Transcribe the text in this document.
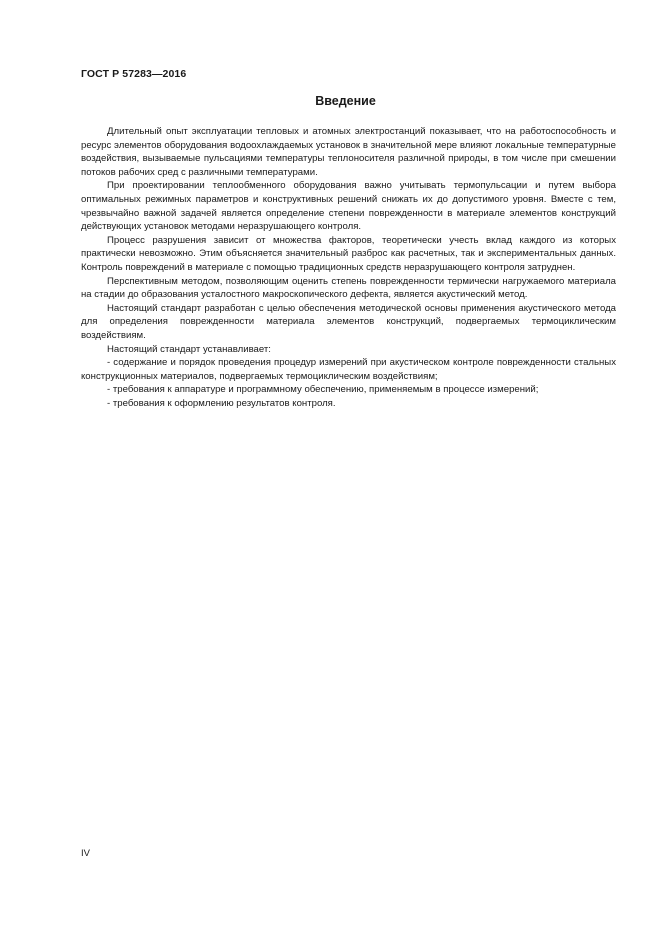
ГОСТ Р 57283—2016
Введение

Длительный опыт эксплуатации тепловых и атомных электростанций показывает, что на работоспособность и ресурс элементов оборудования водоохлаждаемых установок в значительной мере влияют локальные температурные воздействия, вызываемые пульсациями температуры теплоносителя различной природы, в том числе при смешении потоков рабочих сред с различными температурами.

При проектировании теплообменного оборудования важно учитывать термопульсации и путем выбора оптимальных режимных параметров и конструктивных решений снижать их до допустимого уровня. Вместе с тем, чрезвычайно важной задачей является определение степени поврежденности в материале элементов конструкций действующих установок методами неразрушающего контроля.

Процесс разрушения зависит от множества факторов, теоретически учесть вклад каждого из которых практически невозможно. Этим объясняется значительный разброс как расчетных, так и экспериментальных данных. Контроль повреждений в материале с помощью традиционных средств неразрушающего контроля затруднен.

Перспективным методом, позволяющим оценить степень поврежденности термически нагружаемого материала на стадии до образования усталостного макроскопического дефекта, является акустический метод.

Настоящий стандарт разработан с целью обеспечения методической основы применения акустического метода для определения поврежденности материала элементов конструкций, подвергаемых термоциклическим воздействиям.

Настоящий стандарт устанавливает:

- содержание и порядок проведения процедур измерений при акустическом контроле поврежденности стальных конструкционных материалов, подвергаемых термоциклическим воздействиям;

- требования к аппаратуре и программному обеспечению, применяемым в процессе измерений;

- требования к оформлению результатов контроля.

IV
